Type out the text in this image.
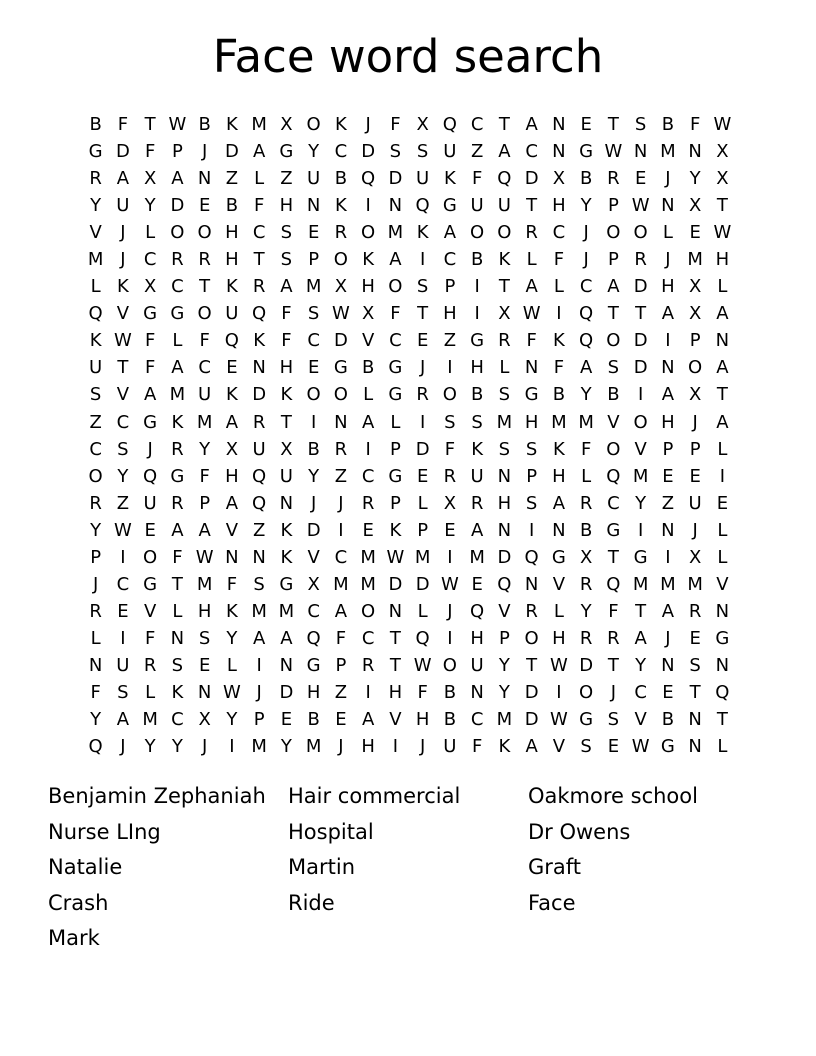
Face word search
B F T W B K M X O K	J	F X Q C T A N E T S B F W
G D F P	J D A G Y C D S S U Z A C N G W N M N X
R A X A N Z L Z U B Q D U K F Q D X B R E	J	Y X
Y U Y D E B F H N K	I N Q G U U T H Y P W N X T
V	J	L O O H C S E R O M K A O O R C	J O O L E W
M J	C R R H T S P O K A	I	C B K L F	J	P R	J M H
L K X C T K R A M X H O S P	I	T A L C A D H X L
Q V G G O U Q F S W X F T H I	X W I Q T T A X A
K W F L F Q K F C D V C E Z G R F K Q O D I	P N
U T F A C E N H E G B G J	I H L N F A S D N O A
S V A M U K D K O O L G R O B S G B Y B	I	A X T
Z C G K M A R T	I N A L	I	S S M H M M V O H J	A
C S	J	R Y X U X B R	I	P D F K S S K F O V P P L
O Y Q G F H Q U Y Z C G E R U N P H L Q M E E	I
R Z U R P A Q N J	J	R P L X R H S A R C Y Z U E
Y W E A A V Z K D I	E K P E A N I N B G I N J	L
P	I O F W N N K V C M W M I M D Q G X T G I	X L
J	C G T M F S G X M M D D W E Q N V R Q M M M V
R E V L H K M M C A O N L	J Q V R L Y F T A R N
L	I	F N S Y A A Q F C T Q I H P O H R R A	J	E G
N U R S E L	I N G P R T W O U Y T W D T Y N S N
F S L K N W J D H Z	I H F B N Y D I O J	C E T Q
Y A M C X Y P E B E A V H B C M D W G S V B N T
Q J	Y Y	J	I M Y M J H I	J	U F K A V S E W G N L
Benjamin Zephaniah
Nurse LIng
Natalie
Crash
Mark
Hair commercial
Hospital
Martin
Ride
Oakmore school
Dr Owens
Graft
Face
